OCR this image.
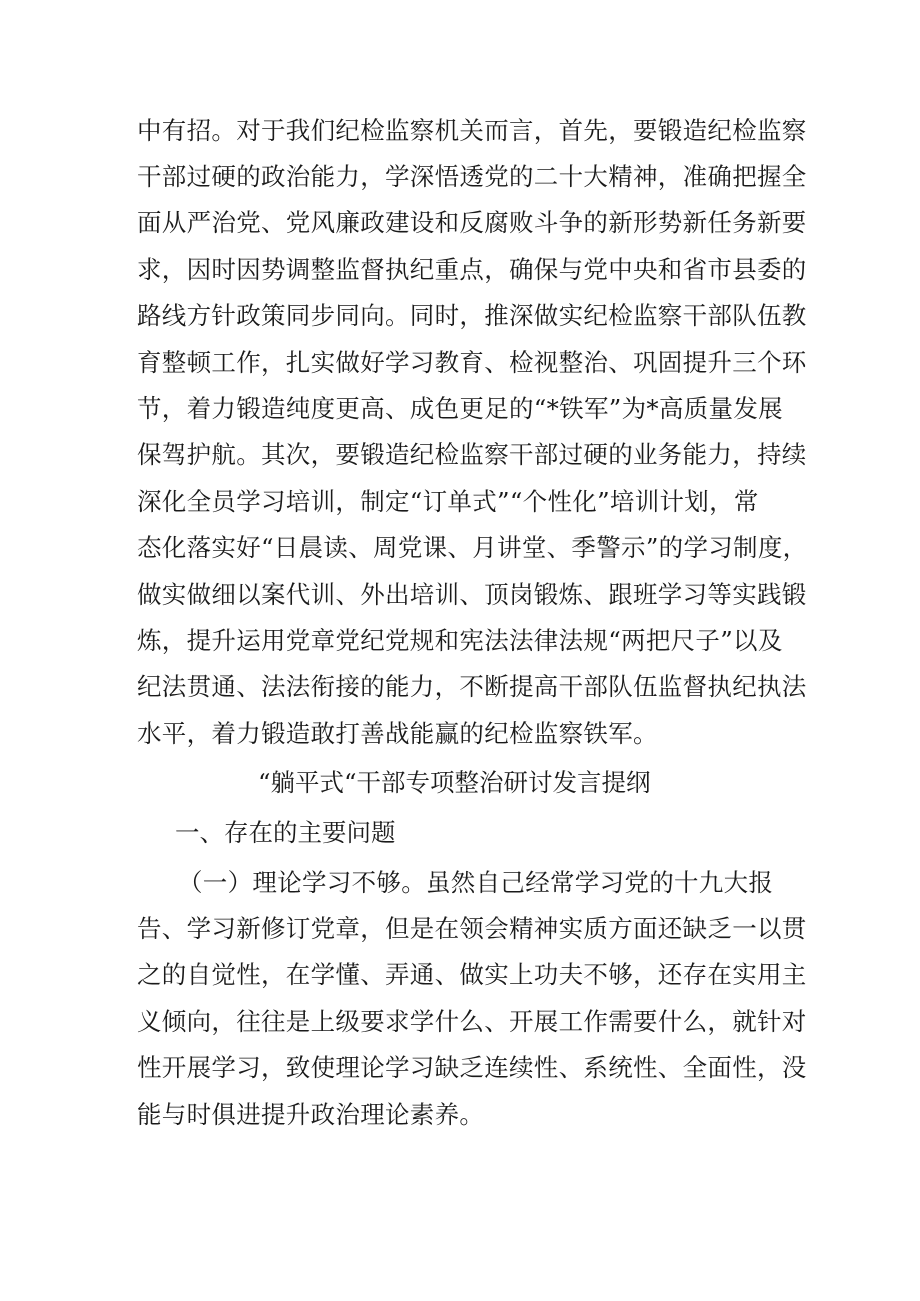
中有招。对于我们纪检监察机关而言，首先，要锻造纪检监察
干部过硬的政治能力，学深悟透党的二十大精神，准确把握全
面从严治党、党风廉政建设和反腐败斗争的新形势新任务新要
求，因时因势调整监督执纪重点，确保与党中央和省市县委的
路线方针政策同步同向。同时，推深做实纪检监察干部队伍教
育整顿工作，扎实做好学习教育、检视整治、巩固提升三个环
节，着力锻造纯度更高、成色更足的“*铁军”为*高质量发展
保驾护航。其次，要锻造纪检监察干部过硬的业务能力，持续
深化全员学习培训，制定“订单式”“个性化”培训计划，常
态化落实好“日晨读、周党课、月讲堂、季警示”的学习制度，
做实做细以案代训、外出培训、顶岗锻炼、跟班学习等实践锻
炼，提升运用党章党纪党规和宪法法律法规“两把尺子”以及
纪法贯通、法法衔接的能力，不断提高干部队伍监督执纪执法
水平，着力锻造敢打善战能赢的纪检监察铁军。
“躺平式“干部专项整治研讨发言提纲
一、存在的主要问题
（一）理论学习不够。虽然自己经常学习党的十九大报
告、学习新修订党章，但是在领会精神实质方面还缺乏一以贯
之的自觉性，在学懂、弄通、做实上功夫不够，还存在实用主
义倾向，往往是上级要求学什么、开展工作需要什么，就针对
性开展学习，致使理论学习缺乏连续性、系统性、全面性，没
能与时俱进提升政治理论素养。
